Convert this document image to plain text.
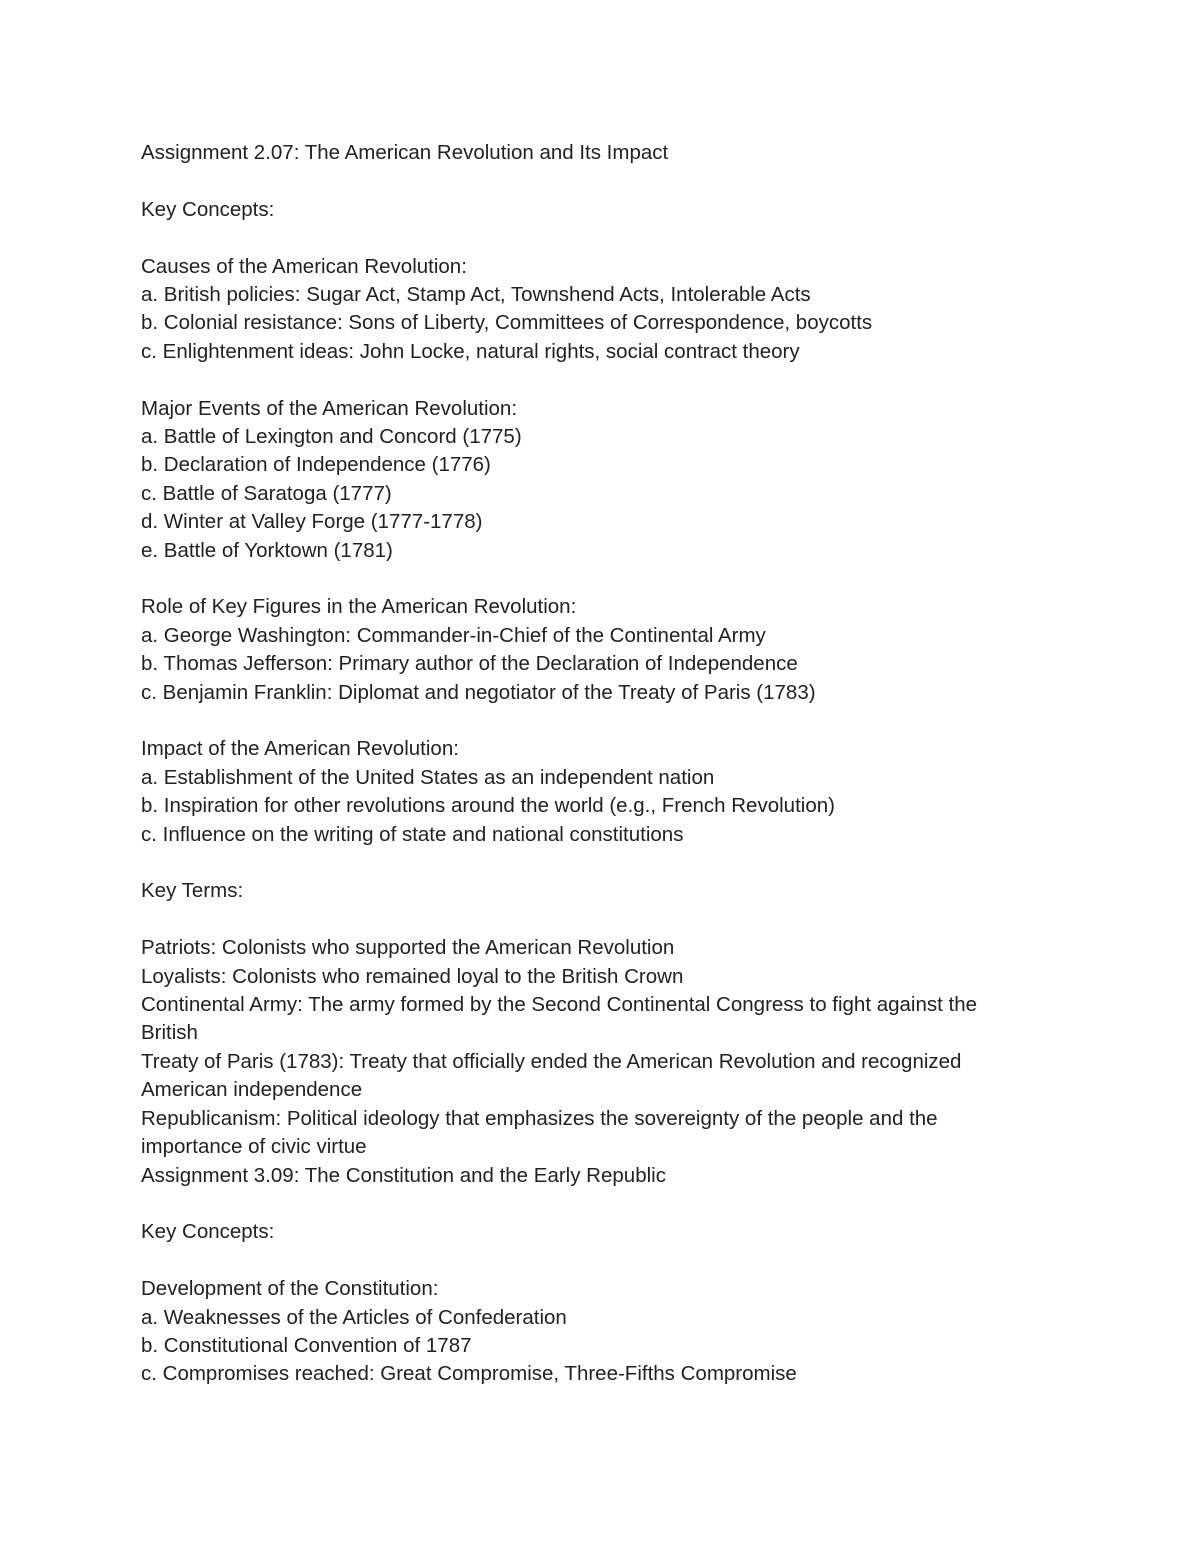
Assignment 2.07: The American Revolution and Its Impact
Key Concepts:
Causes of the American Revolution:
a. British policies: Sugar Act, Stamp Act, Townshend Acts, Intolerable Acts
b. Colonial resistance: Sons of Liberty, Committees of Correspondence, boycotts
c. Enlightenment ideas: John Locke, natural rights, social contract theory
Major Events of the American Revolution:
a. Battle of Lexington and Concord (1775)
b. Declaration of Independence (1776)
c. Battle of Saratoga (1777)
d. Winter at Valley Forge (1777-1778)
e. Battle of Yorktown (1781)
Role of Key Figures in the American Revolution:
a. George Washington: Commander-in-Chief of the Continental Army
b. Thomas Jefferson: Primary author of the Declaration of Independence
c. Benjamin Franklin: Diplomat and negotiator of the Treaty of Paris (1783)
Impact of the American Revolution:
a. Establishment of the United States as an independent nation
b. Inspiration for other revolutions around the world (e.g., French Revolution)
c. Influence on the writing of state and national constitutions
Key Terms:
Patriots: Colonists who supported the American Revolution
Loyalists: Colonists who remained loyal to the British Crown
Continental Army: The army formed by the Second Continental Congress to fight against the
British
Treaty of Paris (1783): Treaty that officially ended the American Revolution and recognized
American independence
Republicanism: Political ideology that emphasizes the sovereignty of the people and the
importance of civic virtue
Assignment 3.09: The Constitution and the Early Republic
Key Concepts:
Development of the Constitution:
a. Weaknesses of the Articles of Confederation
b. Constitutional Convention of 1787
c. Compromises reached: Great Compromise, Three-Fifths Compromise
